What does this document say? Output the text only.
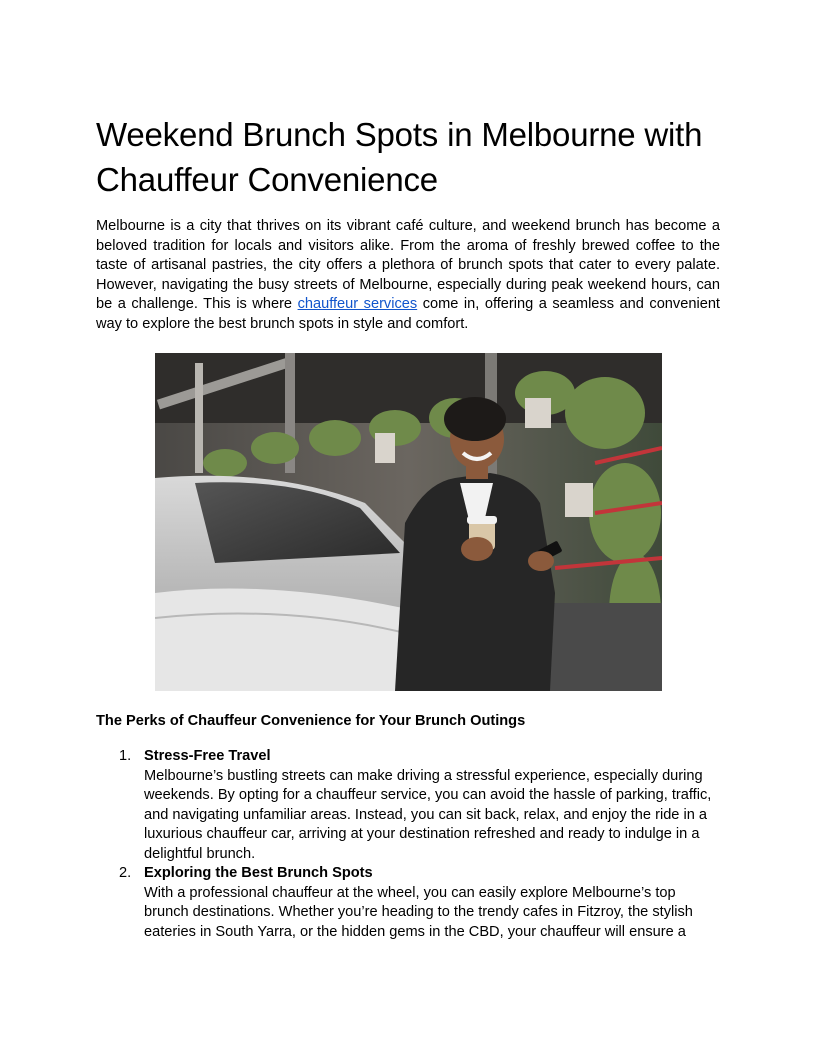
Weekend Brunch Spots in Melbourne with Chauffeur Convenience

Melbourne is a city that thrives on its vibrant café culture, and weekend brunch has become a beloved tradition for locals and visitors alike. From the aroma of freshly brewed coffee to the taste of artisanal pastries, the city offers a plethora of brunch spots that cater to every palate. However, navigating the busy streets of Melbourne, especially during peak weekend hours, can be a challenge. This is where chauffeur services come in, offering a seamless and convenient way to explore the best brunch spots in style and comfort.

The Perks of Chauffeur Convenience for Your Brunch Outings
1. Stress-Free Travel
Melbourne’s bustling streets can make driving a stressful experience, especially during weekends. By opting for a chauffeur service, you can avoid the hassle of parking, traffic, and navigating unfamiliar areas. Instead, you can sit back, relax, and enjoy the ride in a luxurious chauffeur car, arriving at your destination refreshed and ready to indulge in a delightful brunch.
2. Exploring the Best Brunch Spots
With a professional chauffeur at the wheel, you can easily explore Melbourne’s top brunch destinations. Whether you’re heading to the trendy cafes in Fitzroy, the stylish eateries in South Yarra, or the hidden gems in the CBD, your chauffeur will ensure a
